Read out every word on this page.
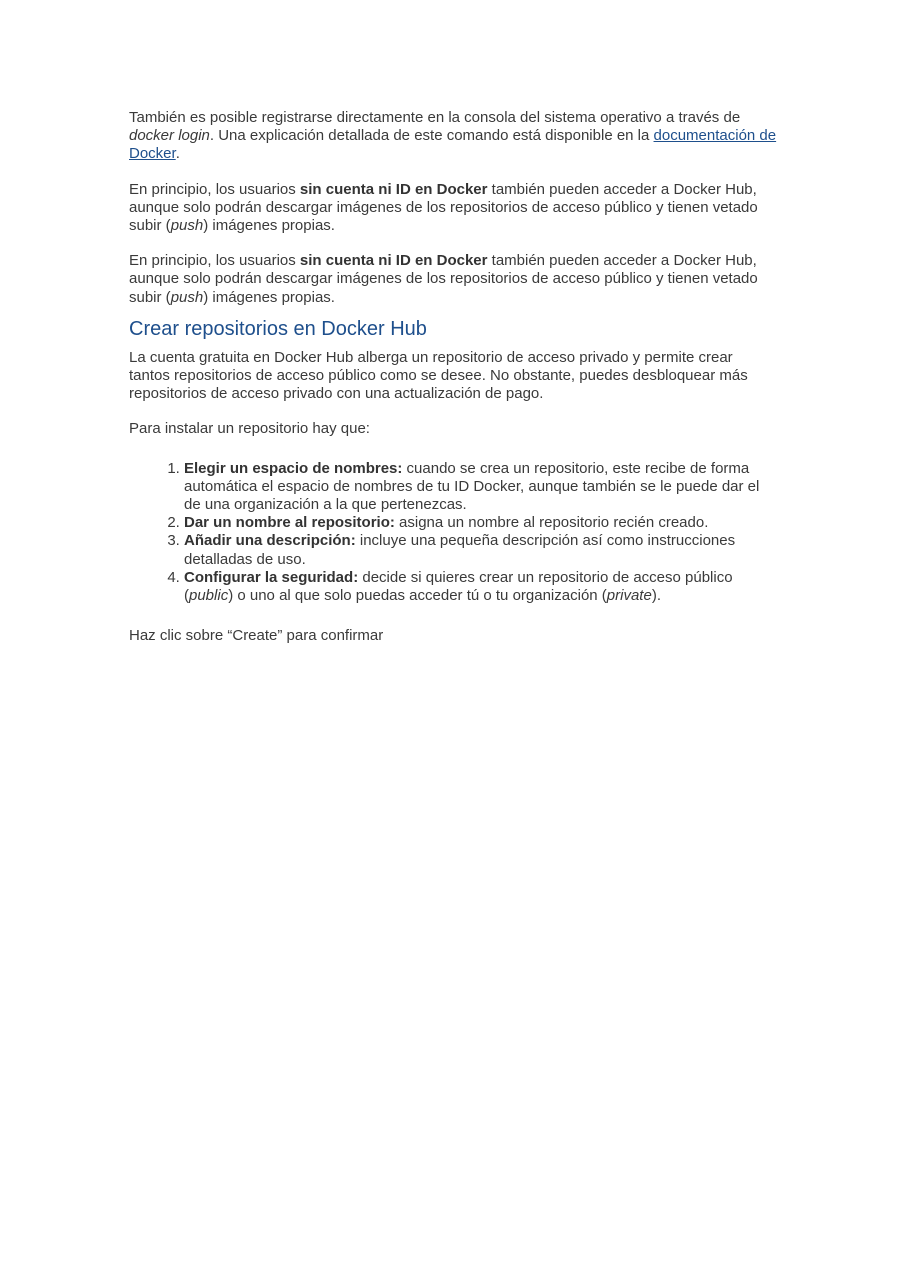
También es posible registrarse directamente en la consola del sistema operativo a través de docker login. Una explicación detallada de este comando está disponible en la documentación de Docker.

En principio, los usuarios sin cuenta ni ID en Docker también pueden acceder a Docker Hub, aunque solo podrán descargar imágenes de los repositorios de acceso público y tienen vetado subir (push) imágenes propias.

En principio, los usuarios sin cuenta ni ID en Docker también pueden acceder a Docker Hub, aunque solo podrán descargar imágenes de los repositorios de acceso público y tienen vetado subir (push) imágenes propias.

Crear repositorios en Docker Hub

La cuenta gratuita en Docker Hub alberga un repositorio de acceso privado y permite crear tantos repositorios de acceso público como se desee. No obstante, puedes desbloquear más repositorios de acceso privado con una actualización de pago.

Para instalar un repositorio hay que:

1. Elegir un espacio de nombres: cuando se crea un repositorio, este recibe de forma automática el espacio de nombres de tu ID Docker, aunque también se le puede dar el de una organización a la que pertenezcas.
2. Dar un nombre al repositorio: asigna un nombre al repositorio recién creado.
3. Añadir una descripción: incluye una pequeña descripción así como instrucciones detalladas de uso.
4. Configurar la seguridad: decide si quieres crear un repositorio de acceso público (public) o uno al que solo puedas acceder tú o tu organización (private).

Haz clic sobre “Create” para confirmar
